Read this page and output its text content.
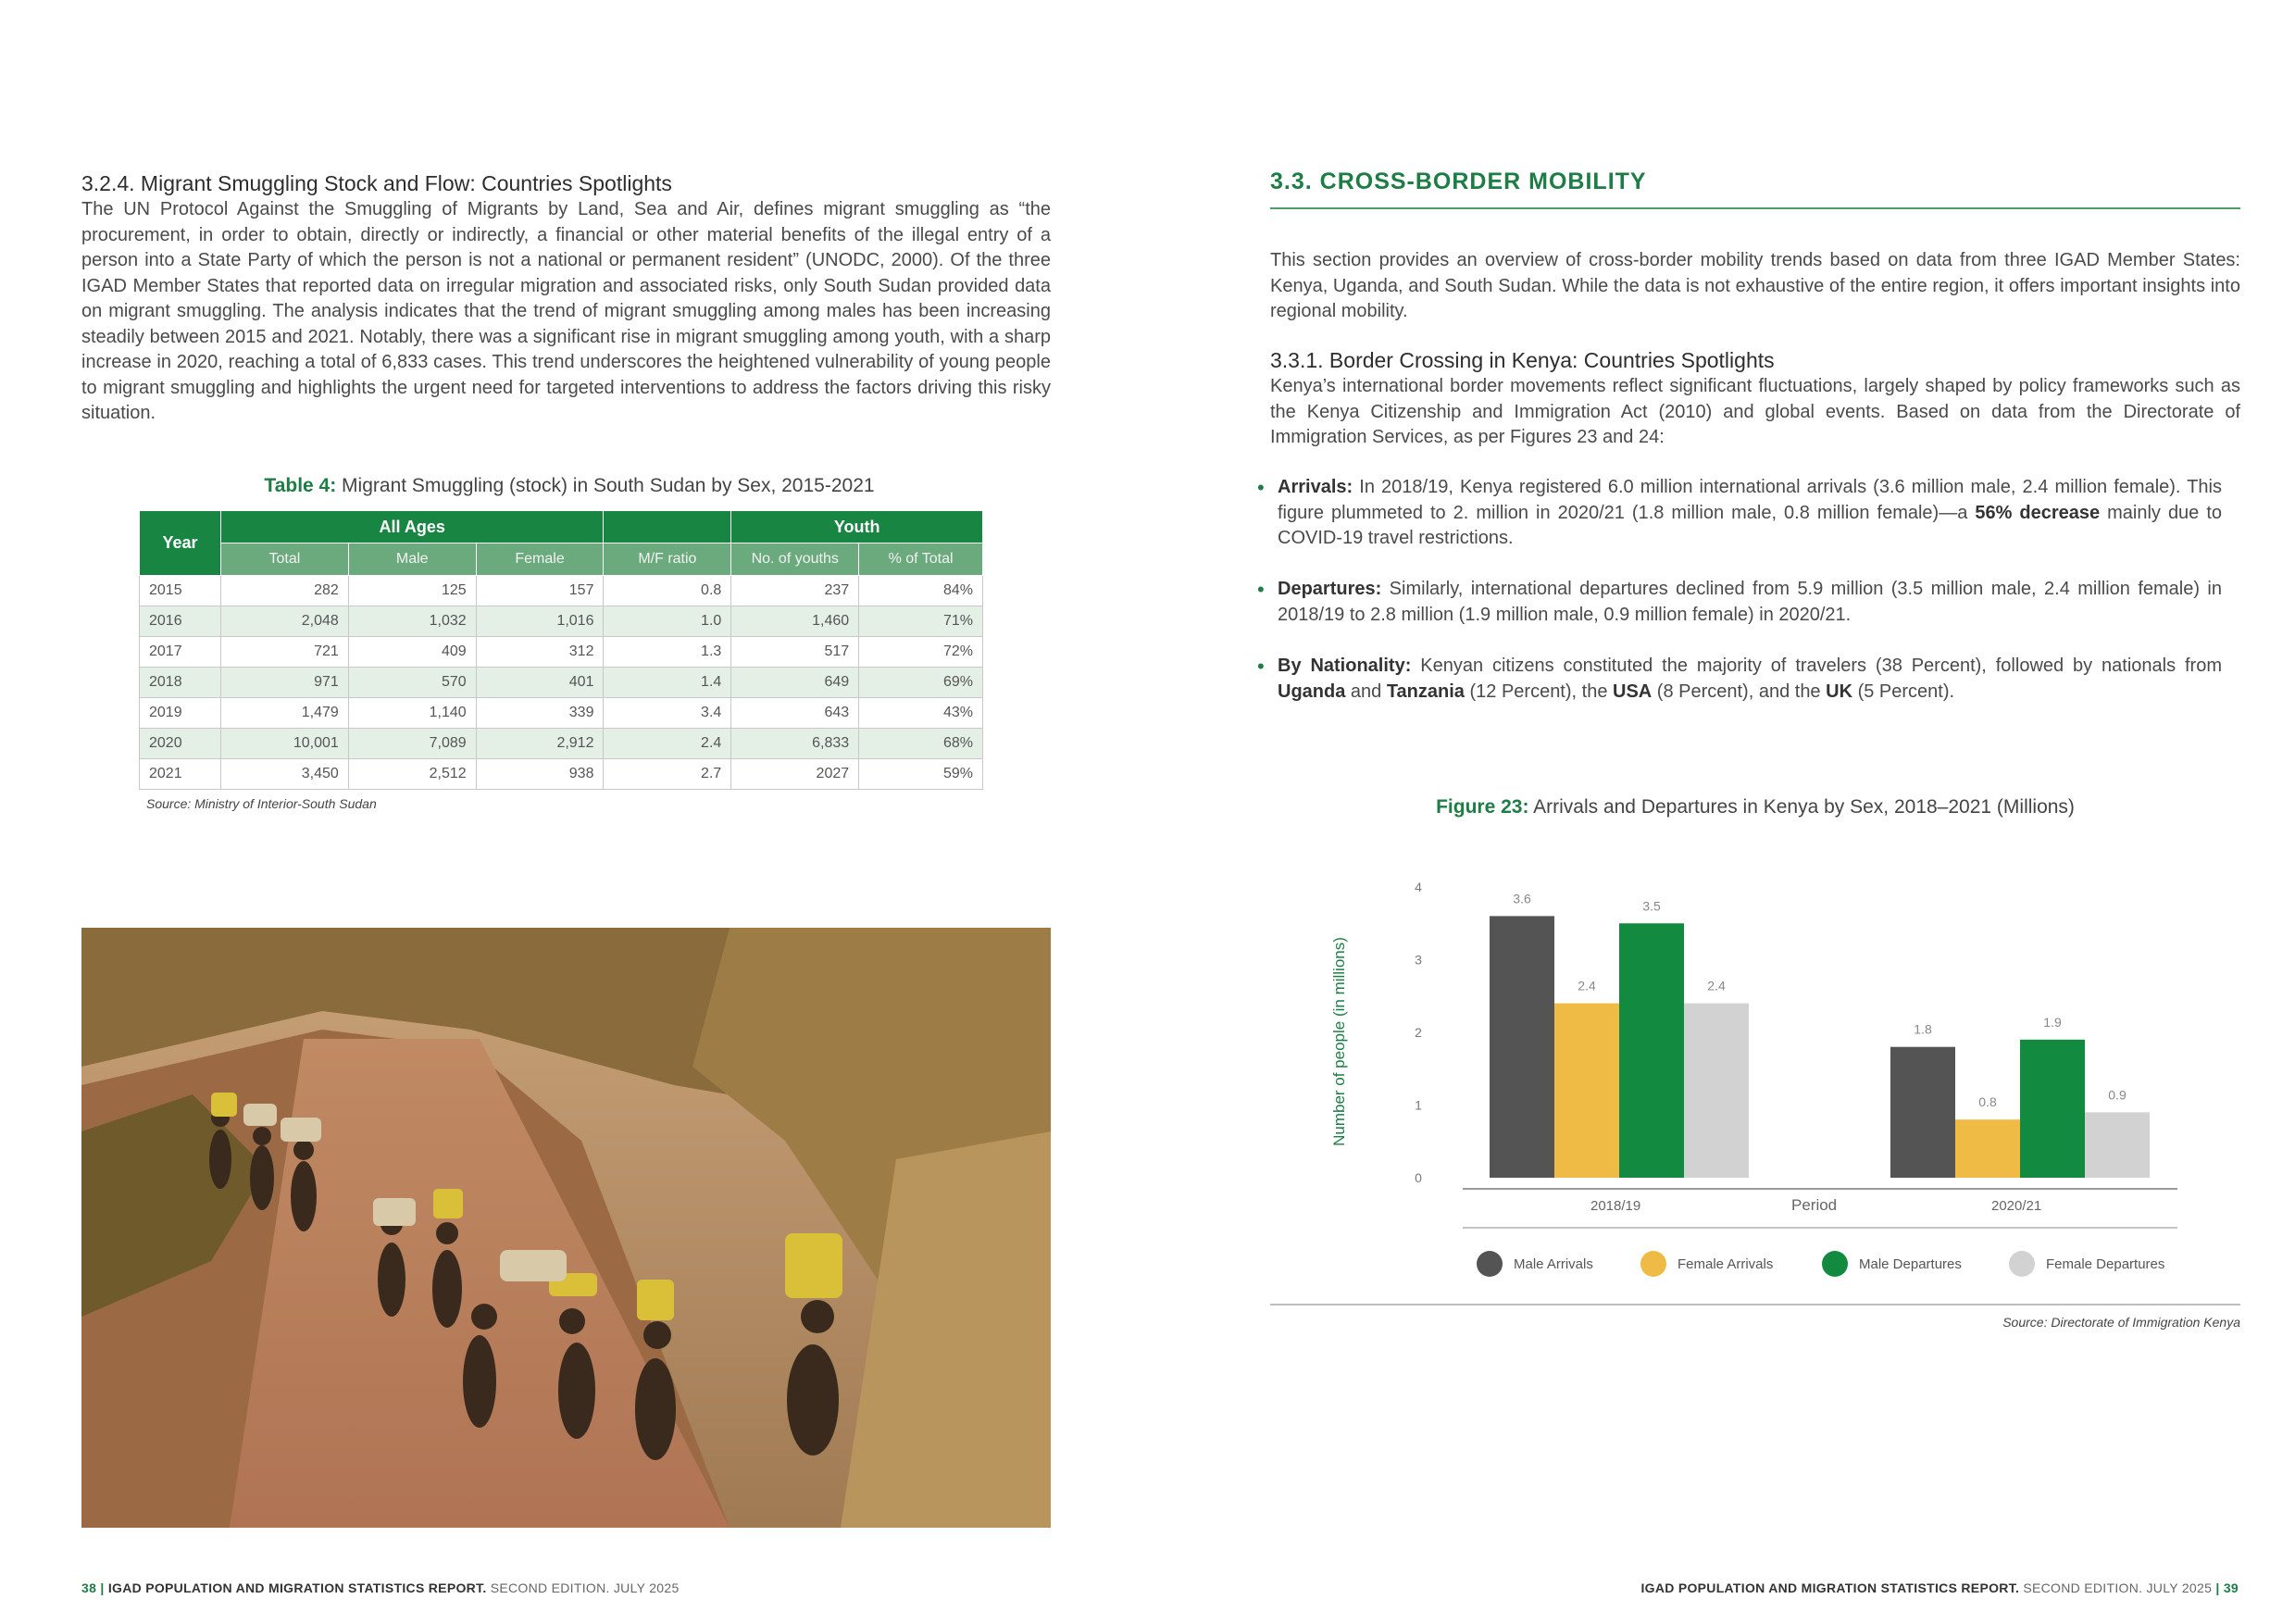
3.2.4. Migrant Smuggling Stock and Flow: Countries Spotlights

The UN Protocol Against the Smuggling of Migrants by Land, Sea and Air, defines migrant smuggling as “the procurement, in order to obtain, directly or indirectly, a financial or other material benefits of the illegal entry of a person into a State Party of which the person is not a national or permanent resident” (UNODC, 2000). Of the three IGAD Member States that reported data on irregular migration and associated risks, only South Sudan provided data on migrant smuggling. The analysis indicates that the trend of migrant smuggling among males has been increasing steadily between 2015 and 2021. Notably, there was a significant rise in migrant smuggling among youth, with a sharp increase in 2020, reaching a total of 6,833 cases. This trend underscores the heightened vulnerability of young people to migrant smuggling and highlights the urgent need for targeted interventions to address the factors driving this risky situation.

Table 4: Migrant Smuggling (stock) in South Sudan by Sex, 2015-2021
Year	All Ages				Youth	
	Total	Male	Female	M/F ratio	No. of youths	% of Total
2015	282	125	157	0.8	237	84%
2016	2,048	1,032	1,016	1.0	1,460	71%
2017	721	409	312	1.3	517	72%
2018	971	570	401	1.4	649	69%
2019	1,479	1,140	339	3.4	643	43%
2020	10,001	7,089	2,912	2.4	6,833	68%
2021	3,450	2,512	938	2.7	2027	59%
Source: Ministry of Interior-South Sudan
38 | IGAD POPULATION AND MIGRATION STATISTICS REPORT. SECOND EDITION. JULY 2025
3.3. CROSS-BORDER MOBILITY

This section provides an overview of cross-border mobility trends based on data from three IGAD Member States: Kenya, Uganda, and South Sudan. While the data is not exhaustive of the entire region, it offers important insights into regional mobility.

3.3.1. Border Crossing in Kenya: Countries Spotlights

Kenya’s international border movements reflect significant fluctuations, largely shaped by policy frameworks such as the Kenya Citizenship and Immigration Act (2010) and global events. Based on data from the Directorate of Immigration Services, as per Figures 23 and 24:

• Arrivals: In 2018/19, Kenya registered 6.0 million international arrivals (3.6 million male, 2.4 million female). This figure plummeted to 2. million in 2020/21 (1.8 million male, 0.8 million female)—a 56% decrease mainly due to COVID-19 travel restrictions.
• Departures: Similarly, international departures declined from 5.9 million (3.5 million male, 2.4 million female) in 2018/19 to 2.8 million (1.9 million male, 0.9 million female) in 2020/21.
• By Nationality: Kenyan citizens constituted the majority of travelers (38 Percent), followed by nationals from Uganda and Tanzania (12 Percent), the USA (8 Percent), and the UK (5 Percent).
Figure 23: Arrivals and Departures in Kenya by Sex, 2018–2021 (Millions)
0
1
2
3
4
3.6
2.4
3.5
2.4
1.8
0.8
1.9
0.9
Number of people (in millions)
2018/19	Period	2020/21
Male Arrivals	Female Arrivals	Male Departures	Female Departures
Source: Directorate of Immigration Kenya
IGAD POPULATION AND MIGRATION STATISTICS REPORT. SECOND EDITION. JULY 2025 | 39
